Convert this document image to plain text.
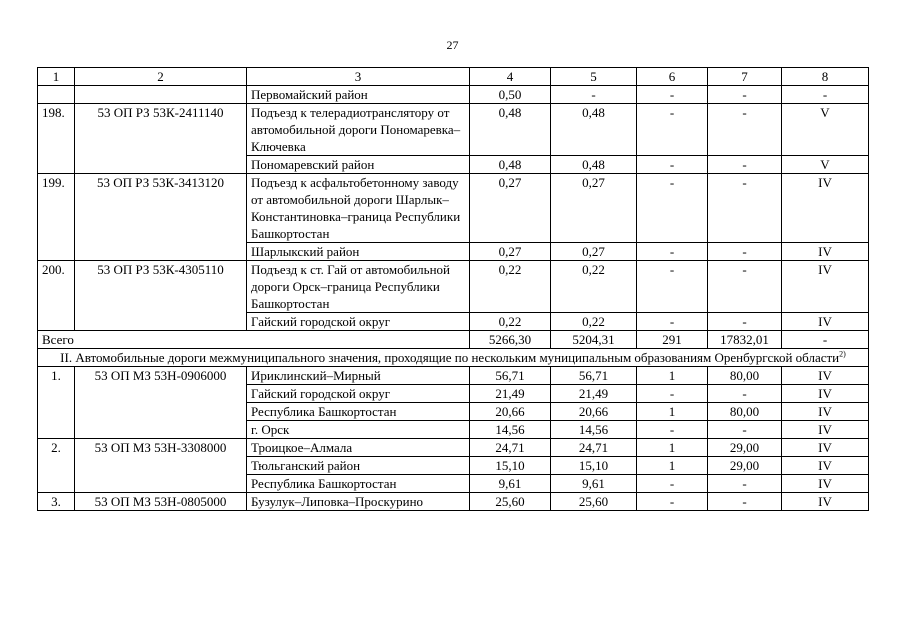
27
1	2	3	4	5	6	7	8
		Первомайский район	0,50	-	-	-	-
198.	53 ОП РЗ 53К-2411140	Подъезд к телерадиотранслятору от автомобильной дороги Пономаревка–Ключевка	0,48	0,48	-	-	V
		Пономаревский район	0,48	0,48	-	-	V
199.	53 ОП РЗ 53К-3413120	Подъезд к асфальтобетонному заводу от автомобильной дороги Шарлык–Константиновка–граница Республики Башкортостан	0,27	0,27	-	-	IV
		Шарлыкский район	0,27	0,27	-	-	IV
200.	53 ОП РЗ 53К-4305110	Подъезд к ст. Гай от автомобильной дороги Орск–граница Республики Башкортостан	0,22	0,22	-	-	IV
		Гайский городской округ	0,22	0,22	-	-	IV
Всего			5266,30	5204,31	291	17832,01	-
II. Автомобильные дороги межмуниципального значения, проходящие по нескольким муниципальным образованиям Оренбургской области$^{2)}$
1.	53 ОП МЗ 53Н-0906000	Ириклинский–Мирный	56,71	56,71	1	80,00	IV
		Гайский городской округ	21,49	21,49	-	-	IV
		Республика Башкортостан	20,66	20,66	1	80,00	IV
		г. Орск	14,56	14,56	-	-	IV
2.	53 ОП МЗ 53Н-3308000	Троицкое–Алмала	24,71	24,71	1	29,00	IV
		Тюльганский район	15,10	15,10	1	29,00	IV
		Республика Башкортостан	9,61	9,61	-	-	IV
3.	53 ОП МЗ 53Н-0805000	Бузулук–Липовка–Проскурино	25,60	25,60	-	-	IV
